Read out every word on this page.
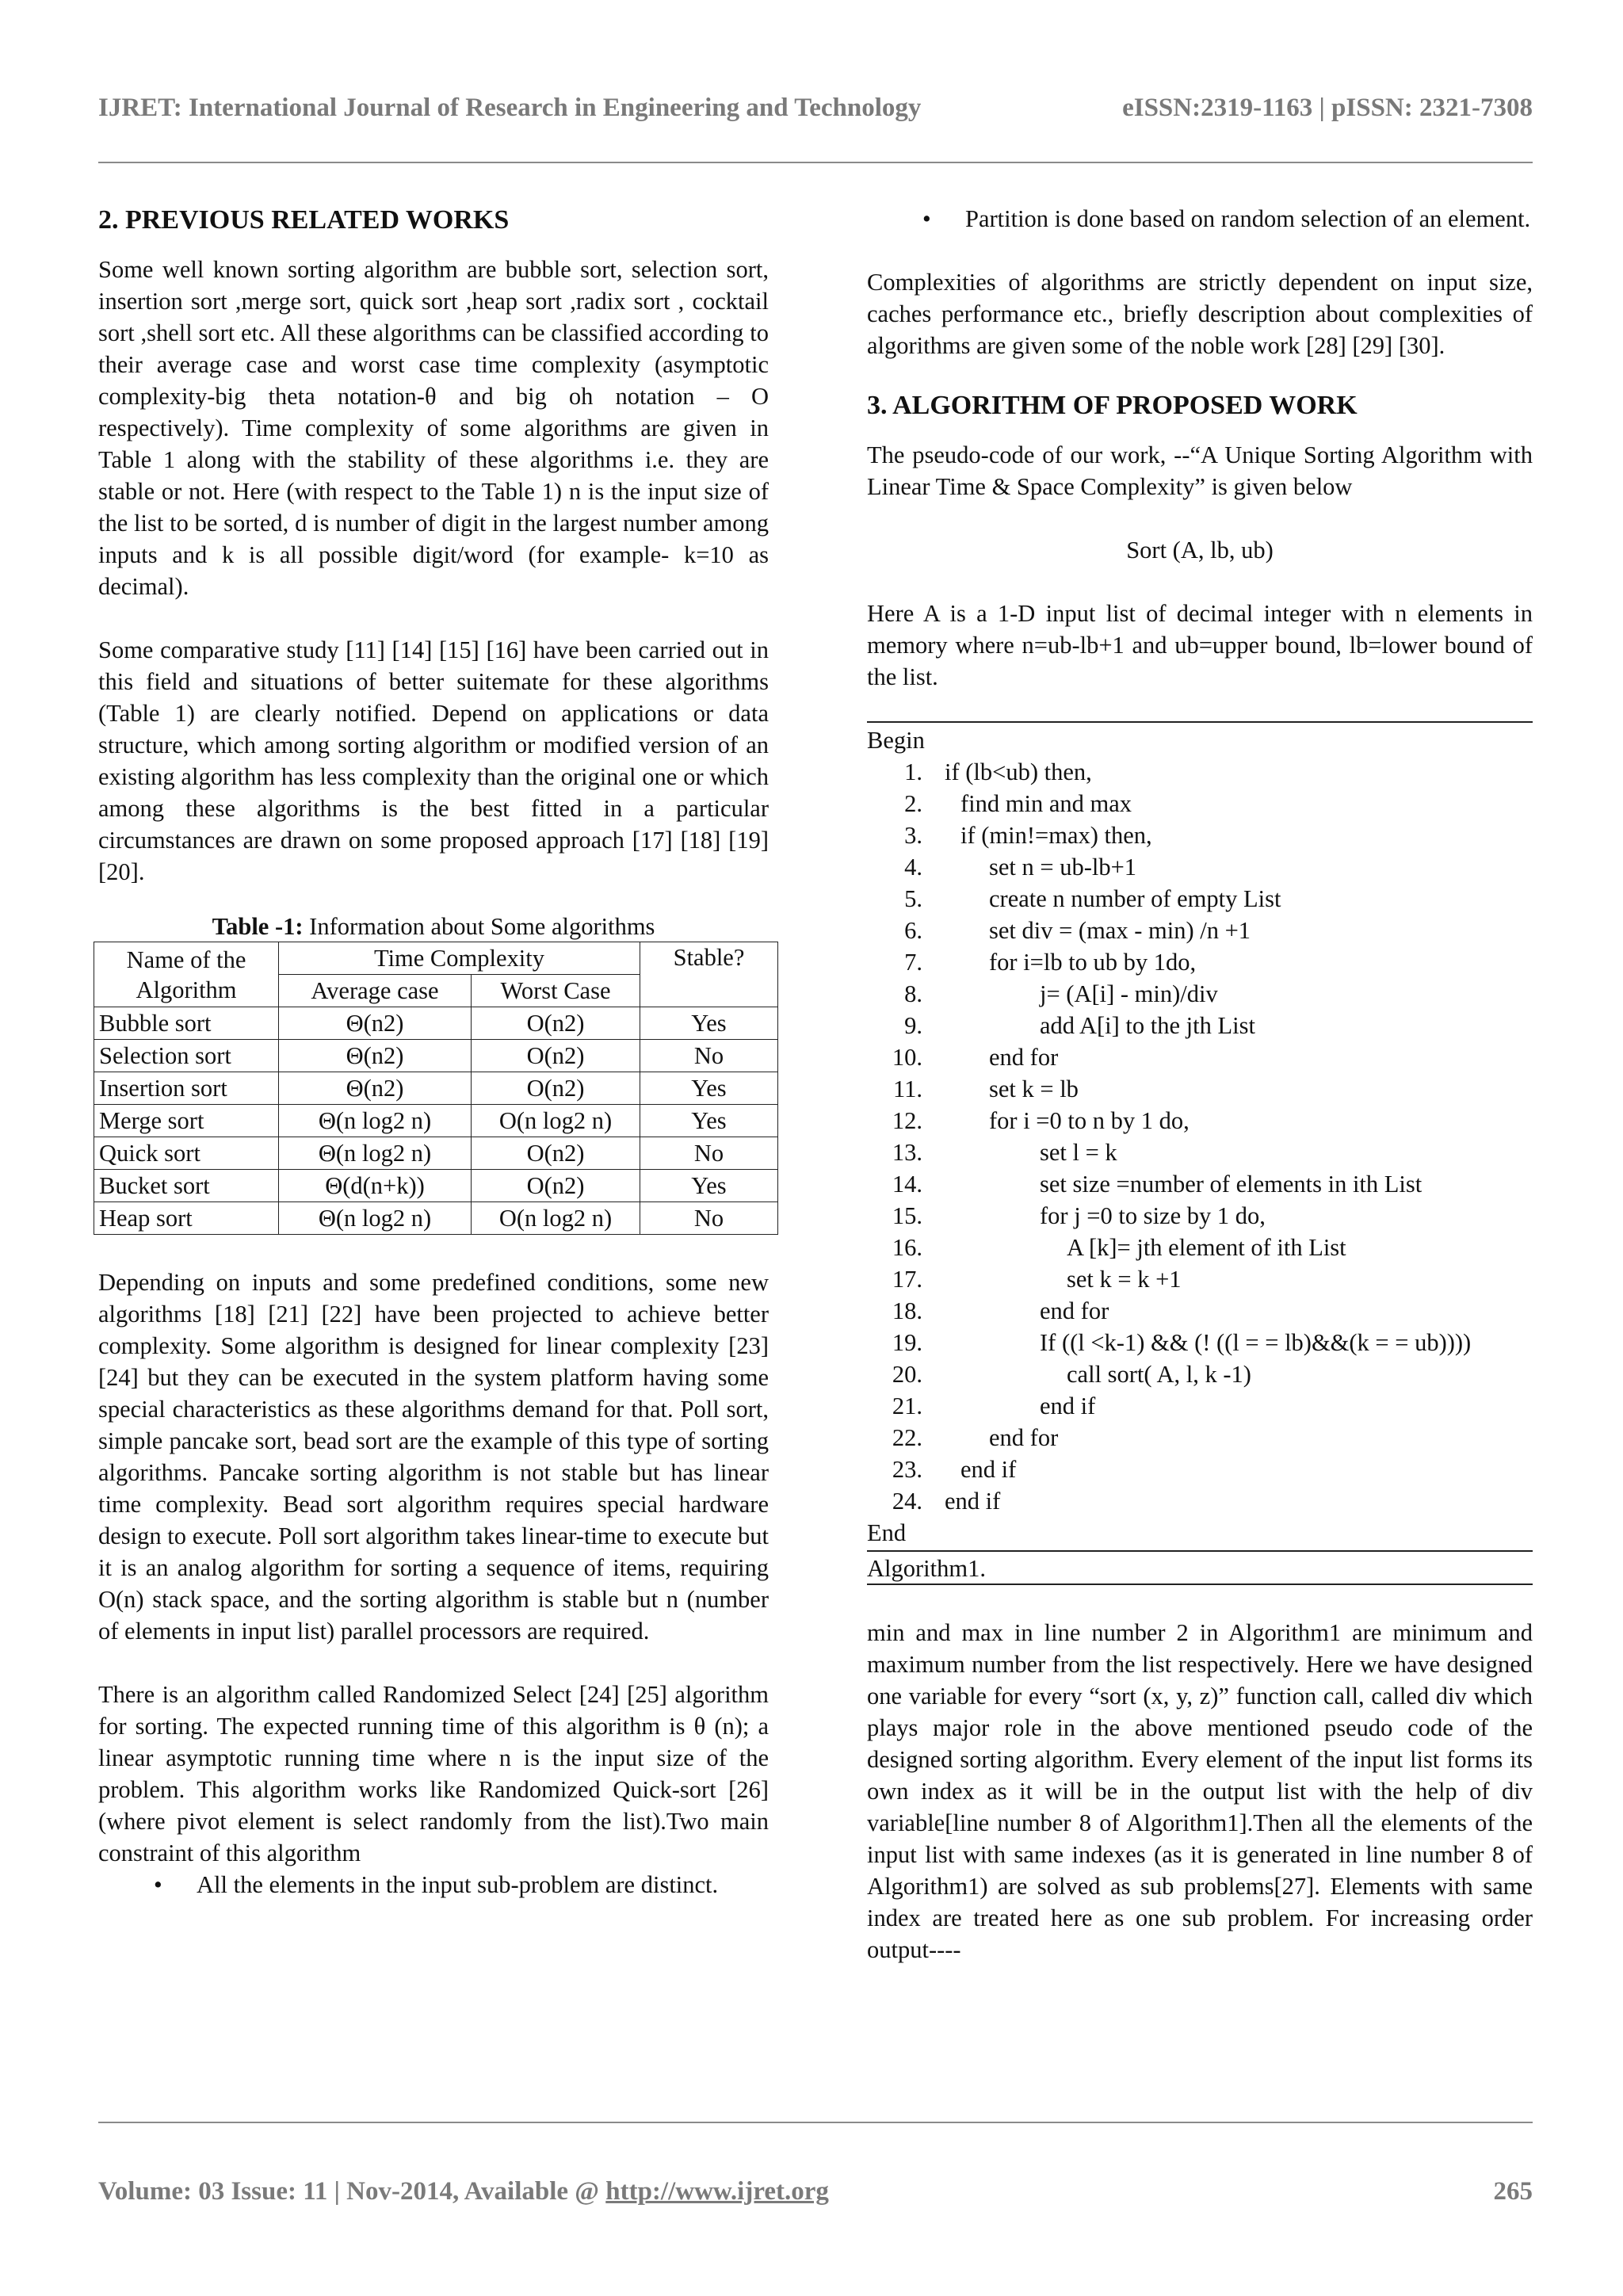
IJRET: International Journal of Research in Engineering and Technology	eISSN:2319-1163 | pISSN: 2321-7308
2. PREVIOUS RELATED WORKS

Some well known sorting algorithm are bubble sort, selection sort, insertion sort ,merge sort, quick sort ,heap sort ,radix sort , cocktail sort ,shell sort etc. All these algorithms can be classified according to their average case and worst case time complexity (asymptotic complexity-big theta notation-θ and big oh notation – O respectively). Time complexity of some algorithms are given in Table 1 along with the stability of these algorithms i.e. they are stable or not. Here (with respect to the Table 1) n is the input size of the list to be sorted, d is number of digit in the largest number among inputs and k is all possible digit/word (for example- k=10 as decimal).

Some comparative study [11] [14] [15] [16] have been carried out in this field and situations of better suitemate for these algorithms (Table 1) are clearly notified. Depend on applications or data structure, which among sorting algorithm or modified version of an existing algorithm has less complexity than the original one or which among these algorithms is the best fitted in a particular circumstances are drawn on some proposed approach [17] [18] [19] [20].

Table -1: Information about Some algorithms
Name of the Algorithm	Time Complexity		Stable?
	Average case	Worst Case	
Bubble sort	Θ(n2)	O(n2)	Yes
Selection sort	Θ(n2)	O(n2)	No
Insertion sort	Θ(n2)	O(n2)	Yes
Merge sort	Θ(n log2 n)	O(n log2 n)	Yes
Quick sort	Θ(n log2 n)	O(n2)	No
Bucket sort	Θ(d(n+k))	O(n2)	Yes
Heap sort	Θ(n log2 n)	O(n log2 n)	No

Depending on inputs and some predefined conditions, some new algorithms [18] [21] [22] have been projected to achieve better complexity. Some algorithm is designed for linear complexity [23] [24] but they can be executed in the system platform having some special characteristics as these algorithms demand for that. Poll sort, simple pancake sort, bead sort are the example of this type of sorting algorithms. Pancake sorting algorithm is not stable but has linear time complexity. Bead sort algorithm requires special hardware design to execute. Poll sort algorithm takes linear-time to execute but it is an analog algorithm for sorting a sequence of items, requiring O(n) stack space, and the sorting algorithm is stable but n (number of elements in input list) parallel processors are required.

There is an algorithm called Randomized Select [24] [25] algorithm for sorting. The expected running time of this algorithm is θ (n); a linear asymptotic running time where n is the input size of the problem. This algorithm works like Randomized Quick-sort [26] (where pivot element is select randomly from the list).Two main constraint of this algorithm

• All the elements in the input sub-problem are distinct.
• Partition is done based on random selection of an element.

Complexities of algorithms are strictly dependent on input size, caches performance etc., briefly description about complexities of algorithms are given some of the noble work [28] [29] [30].

3. ALGORITHM OF PROPOSED WORK

The pseudo-code of our work, --“A Unique Sorting Algorithm with Linear Time & Space Complexity” is given below

Sort (A, lb, ub)

Here A is a 1-D input list of decimal integer with n elements in memory where n=ub-lb+1 and ub=upper bound, lb=lower bound of the list.

Begin
1. if (lb<ub) then,
2. find min and max
3. if (min!=max) then,
4.	set n = ub-lb+1
5.	create n number of empty List
6.	set div = (max - min) /n +1
7.	for i=lb to ub by 1do,
8.	j= (A[i] - min)/div
9.	add A[i] to the jth List
10.	end for
11.	set k = lb
12.	for i =0 to n by 1 do,
13.	set l = k
14.	set size =number of elements in ith List
15.	for j =0 to size by 1 do,
16.	A [k]= jth element of ith List
17.	set k = k +1
18.	end for
19.	If ((l <k-1) && (! ((l = = lb)&&(k = = ub))))
20.	call sort( A, l, k -1)
21.	end if
22.	end for
23. end if
24. end if
End
Algorithm1.

min and max in line number 2 in Algorithm1 are minimum and maximum number from the list respectively. Here we have designed one variable for every “sort (x, y, z)” function call, called div which plays major role in the above mentioned pseudo code of the designed sorting algorithm. Every element of the input list forms its own index as it will be in the output list with the help of div variable[line number 8 of Algorithm1].Then all the elements of the input list with same indexes (as it is generated in line number 8 of Algorithm1) are solved as sub problems[27]. Elements with same index are treated here as one sub problem. For increasing order output----

Volume: 03 Issue: 11 | Nov-2014, Available @ http://www.ijret.org	265
